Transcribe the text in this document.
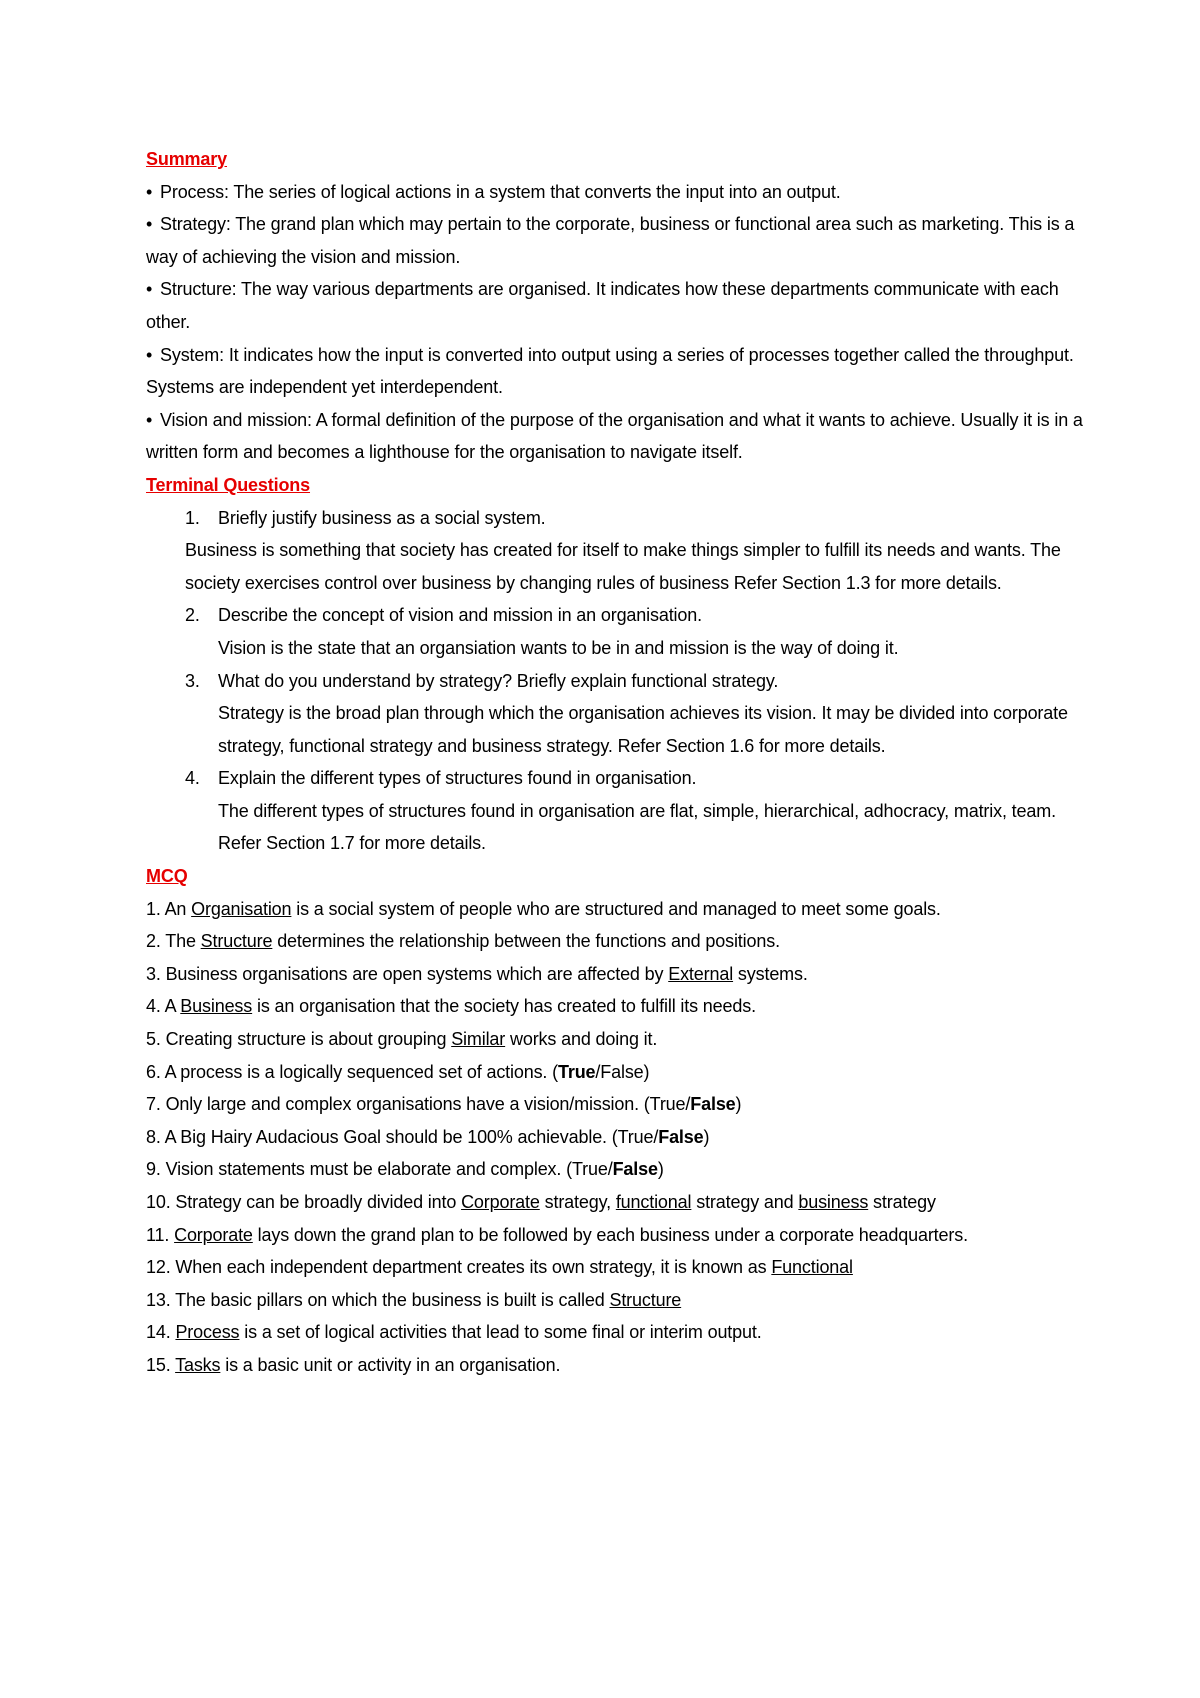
Summary

• Process: The series of logical actions in a system that converts the input into an output.

• Strategy: The grand plan which may pertain to the corporate, business or functional area such as marketing. This is a way of achieving the vision and mission.

• Structure: The way various departments are organised. It indicates how these departments communicate with each other.

• System: It indicates how the input is converted into output using a series of processes together called the throughput. Systems are independent yet interdependent.

• Vision and mission: A formal definition of the purpose of the organisation and what it wants to achieve. Usually it is in a written form and becomes a lighthouse for the organisation to navigate itself.

Terminal Questions
1. Briefly justify business as a social system.
Business is something that society has created for itself to make things simpler to fulfill its needs and wants. The society exercises control over business by changing rules of business Refer Section 1.3 for more details.
2. Describe the concept of vision and mission in an organisation.
Vision is the state that an organsiation wants to be in and mission is the way of doing it.
3. What do you understand by strategy? Briefly explain functional strategy.
Strategy is the broad plan through which the organisation achieves its vision. It may be divided into corporate strategy, functional strategy and business strategy. Refer Section 1.6 for more details.
4. Explain the different types of structures found in organisation.
The different types of structures found in organisation are flat, simple, hierarchical, adhocracy, matrix, team. Refer Section 1.7 for more details.
MCQ

1. An Organisation is a social system of people who are structured and managed to meet some goals.

2. The Structure determines the relationship between the functions and positions.

3. Business organisations are open systems which are affected by External systems.

4. A Business is an organisation that the society has created to fulfill its needs.

5. Creating structure is about grouping Similar works and doing it.

6. A process is a logically sequenced set of actions. (True/False)

7. Only large and complex organisations have a vision/mission. (True/False)

8. A Big Hairy Audacious Goal should be 100% achievable. (True/False)

9. Vision statements must be elaborate and complex. (True/False)

10. Strategy can be broadly divided into Corporate strategy, functional strategy and business strategy

11. Corporate lays down the grand plan to be followed by each business under a corporate headquarters.

12. When each independent department creates its own strategy, it is known as Functional

13. The basic pillars on which the business is built is called Structure

14. Process is a set of logical activities that lead to some final or interim output.

15. Tasks is a basic unit or activity in an organisation.
